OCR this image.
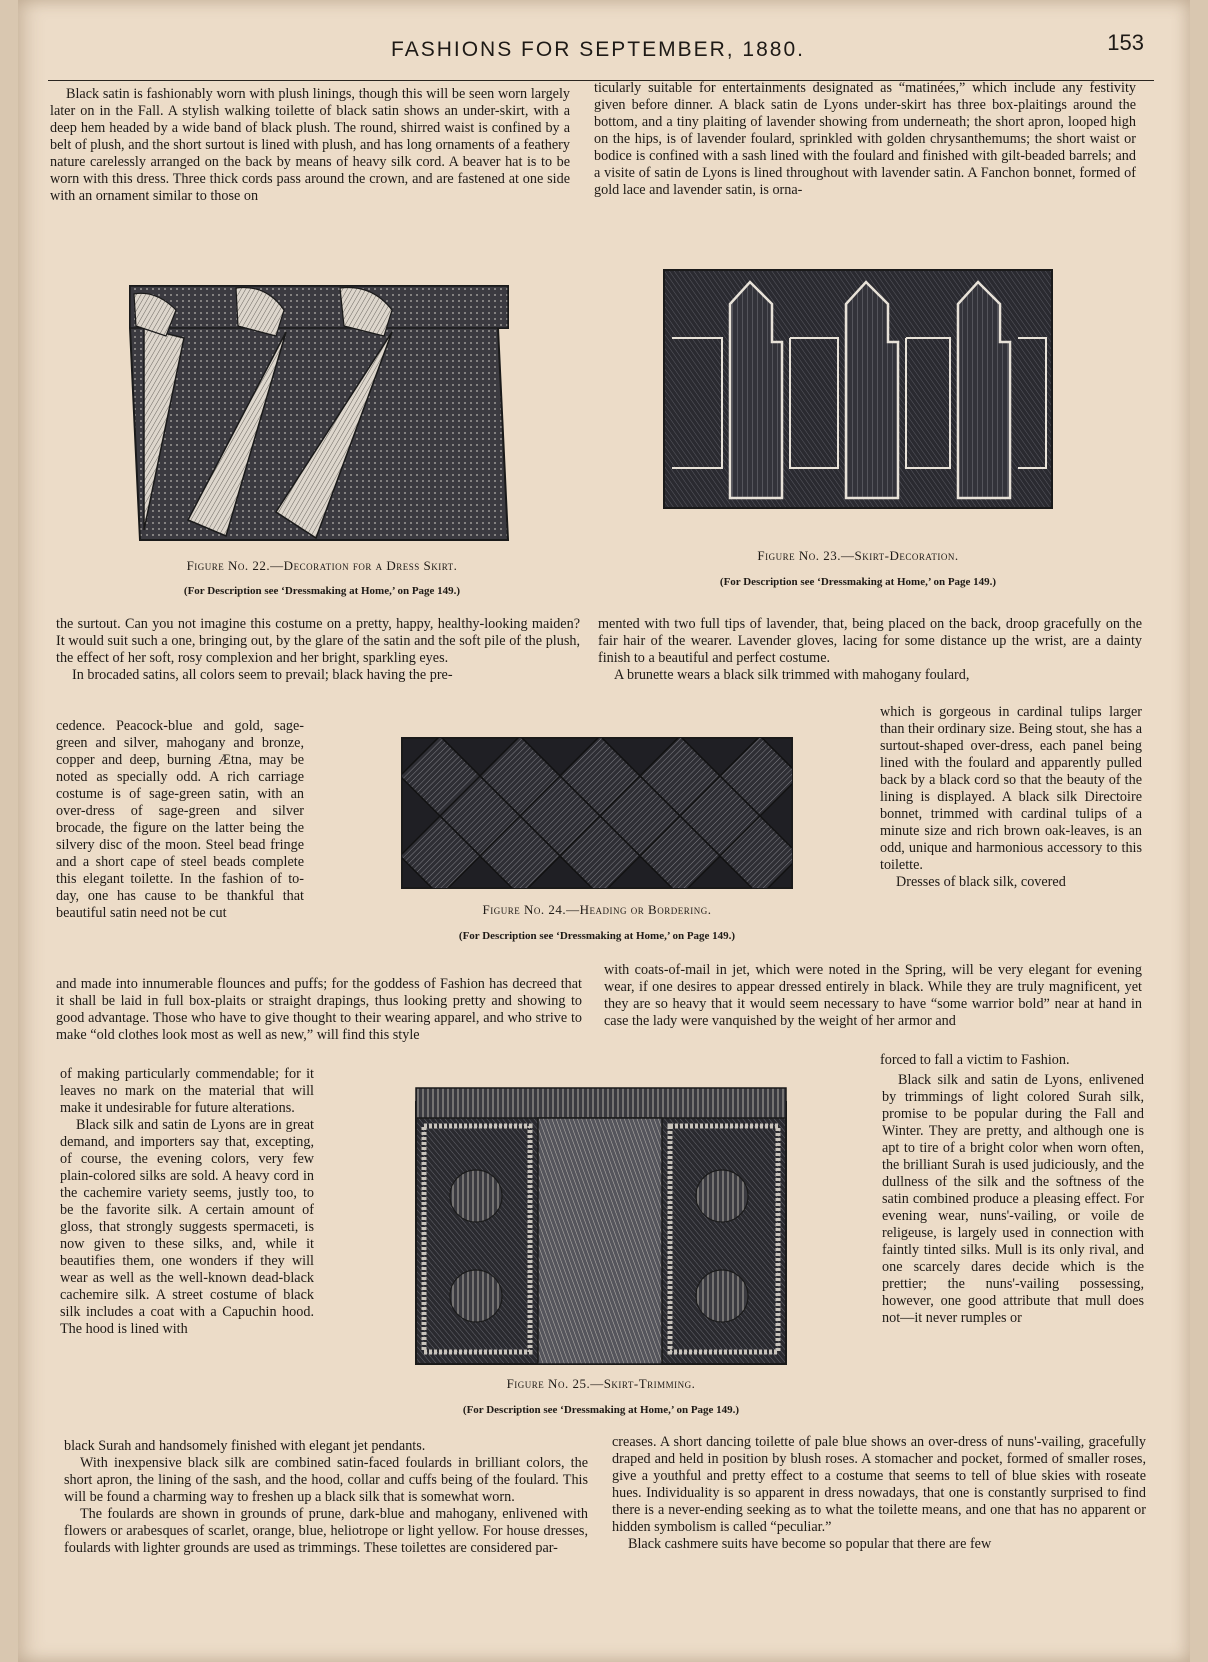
FASHIONS FOR SEPTEMBER, 1880.	153

Black satin is fashionably worn with plush linings, though this will be seen worn largely later on in the Fall. A stylish walking toilette of black satin shows an under-skirt, with a deep hem headed by a wide band of black plush. The round, shirred waist is confined by a belt of plush, and the short surtout is lined with plush, and has long ornaments of a feathery nature carelessly arranged on the back by means of heavy silk cord. A beaver hat is to be worn with this dress. Three thick cords pass around the crown, and are fastened at one side with an ornament similar to those on

ticularly suitable for entertainments designated as “matinées,” which include any festivity given before dinner. A black satin de Lyons under-skirt has three box-plaitings around the bottom, and a tiny plaiting of lavender showing from underneath; the short apron, looped high on the hips, is of lavender foulard, sprinkled with golden chrysanthemums; the short waist or bodice is confined with a sash lined with the foulard and finished with gilt-beaded barrels; and a visite of satin de Lyons is lined throughout with lavender satin. A Fanchon bonnet, formed of gold lace and lavender satin, is orna-

Figure No. 22.—Decoration for a Dress Skirt.
(For Description see ‘Dressmaking at Home,’ on Page 149.)
Figure No. 23.—Skirt-Decoration.
(For Description see ‘Dressmaking at Home,’ on Page 149.)

the surtout. Can you not imagine this costume on a pretty, happy, healthy-looking maiden? It would suit such a one, bringing out, by the glare of the satin and the soft pile of the plush, the effect of her soft, rosy complexion and her bright, sparkling eyes.

In brocaded satins, all colors seem to prevail; black having the pre-

cedence. Peacock-blue and gold, sage-green and silver, mahogany and bronze, copper and deep, burning Ætna, may be noted as specially odd. A rich carriage costume is of sage-green satin, with an over-dress of sage-green and silver brocade, the figure on the latter being the silvery disc of the moon. Steel bead fringe and a short cape of steel beads complete this elegant toilette. In the fashion of to-day, one has cause to be thankful that beautiful satin need not be cut

mented with two full tips of lavender, that, being placed on the back, droop gracefully on the fair hair of the wearer. Lavender gloves, lacing for some distance up the wrist, are a dainty finish to a beautiful and perfect costume.

A brunette wears a black silk trimmed with mahogany foulard,

which is gorgeous in cardinal tulips larger than their ordinary size. Being stout, she has a surtout-shaped over-dress, each panel being lined with the foulard and apparently pulled back by a black cord so that the beauty of the lining is displayed. A black silk Directoire bonnet, trimmed with cardinal tulips of a minute size and rich brown oak-leaves, is an odd, unique and harmonious accessory to this toilette.

Dresses of black silk, covered

Figure No. 24.—Heading or Bordering.
(For Description see ‘Dressmaking at Home,’ on Page 149.)

and made into innumerable flounces and puffs; for the goddess of Fashion has decreed that it shall be laid in full box-plaits or straight drapings, thus looking pretty and showing to good advantage. Those who have to give thought to their wearing apparel, and who strive to make “old clothes look most as well as new,” will find this style

with coats-of-mail in jet, which were noted in the Spring, will be very elegant for evening wear, if one desires to appear dressed entirely in black. While they are truly magnificent, yet they are so heavy that it would seem necessary to have “some warrior bold” near at hand in case the lady were vanquished by the weight of her armor and

forced to fall a victim to Fashion.

of making particularly commendable; for it leaves no mark on the material that will make it undesirable for future alterations.

Black silk and satin de Lyons are in great demand, and importers say that, excepting, of course, the evening colors, very few plain-colored silks are sold. A heavy cord in the cachemire variety seems, justly too, to be the favorite silk. A certain amount of gloss, that strongly suggests spermaceti, is now given to these silks, and, while it beautifies them, one wonders if they will wear as well as the well-known dead-black cachemire silk. A street costume of black silk includes a coat with a Capuchin hood. The hood is lined with

Figure No. 25.—Skirt-Trimming.
(For Description see ‘Dressmaking at Home,’ on Page 149.)

Black silk and satin de Lyons, enlivened by trimmings of light colored Surah silk, promise to be popular during the Fall and Winter. They are pretty, and although one is apt to tire of a bright color when worn often, the brilliant Surah is used judiciously, and the dullness of the silk and the softness of the satin combined produce a pleasing effect. For evening wear, nuns'-vailing, or voile de religeuse, is largely used in connection with faintly tinted silks. Mull is its only rival, and one scarcely dares decide which is the prettier; the nuns'-vailing possessing, however, one good attribute that mull does not—it never rumples or

black Surah and handsomely finished with elegant jet pendants.

With inexpensive black silk are combined satin-faced foulards in brilliant colors, the short apron, the lining of the sash, and the hood, collar and cuffs being of the foulard. This will be found a charming way to freshen up a black silk that is somewhat worn.

The foulards are shown in grounds of prune, dark-blue and mahogany, enlivened with flowers or arabesques of scarlet, orange, blue, heliotrope or light yellow. For house dresses, foulards with lighter grounds are used as trimmings. These toilettes are considered par-

creases. A short dancing toilette of pale blue shows an over-dress of nuns'-vailing, gracefully draped and held in position by blush roses. A stomacher and pocket, formed of smaller roses, give a youthful and pretty effect to a costume that seems to tell of blue skies with roseate hues. Individuality is so apparent in dress nowadays, that one is constantly surprised to find there is a never-ending seeking as to what the toilette means, and one that has no apparent or hidden symbolism is called “peculiar.”

Black cashmere suits have become so popular that there are few
